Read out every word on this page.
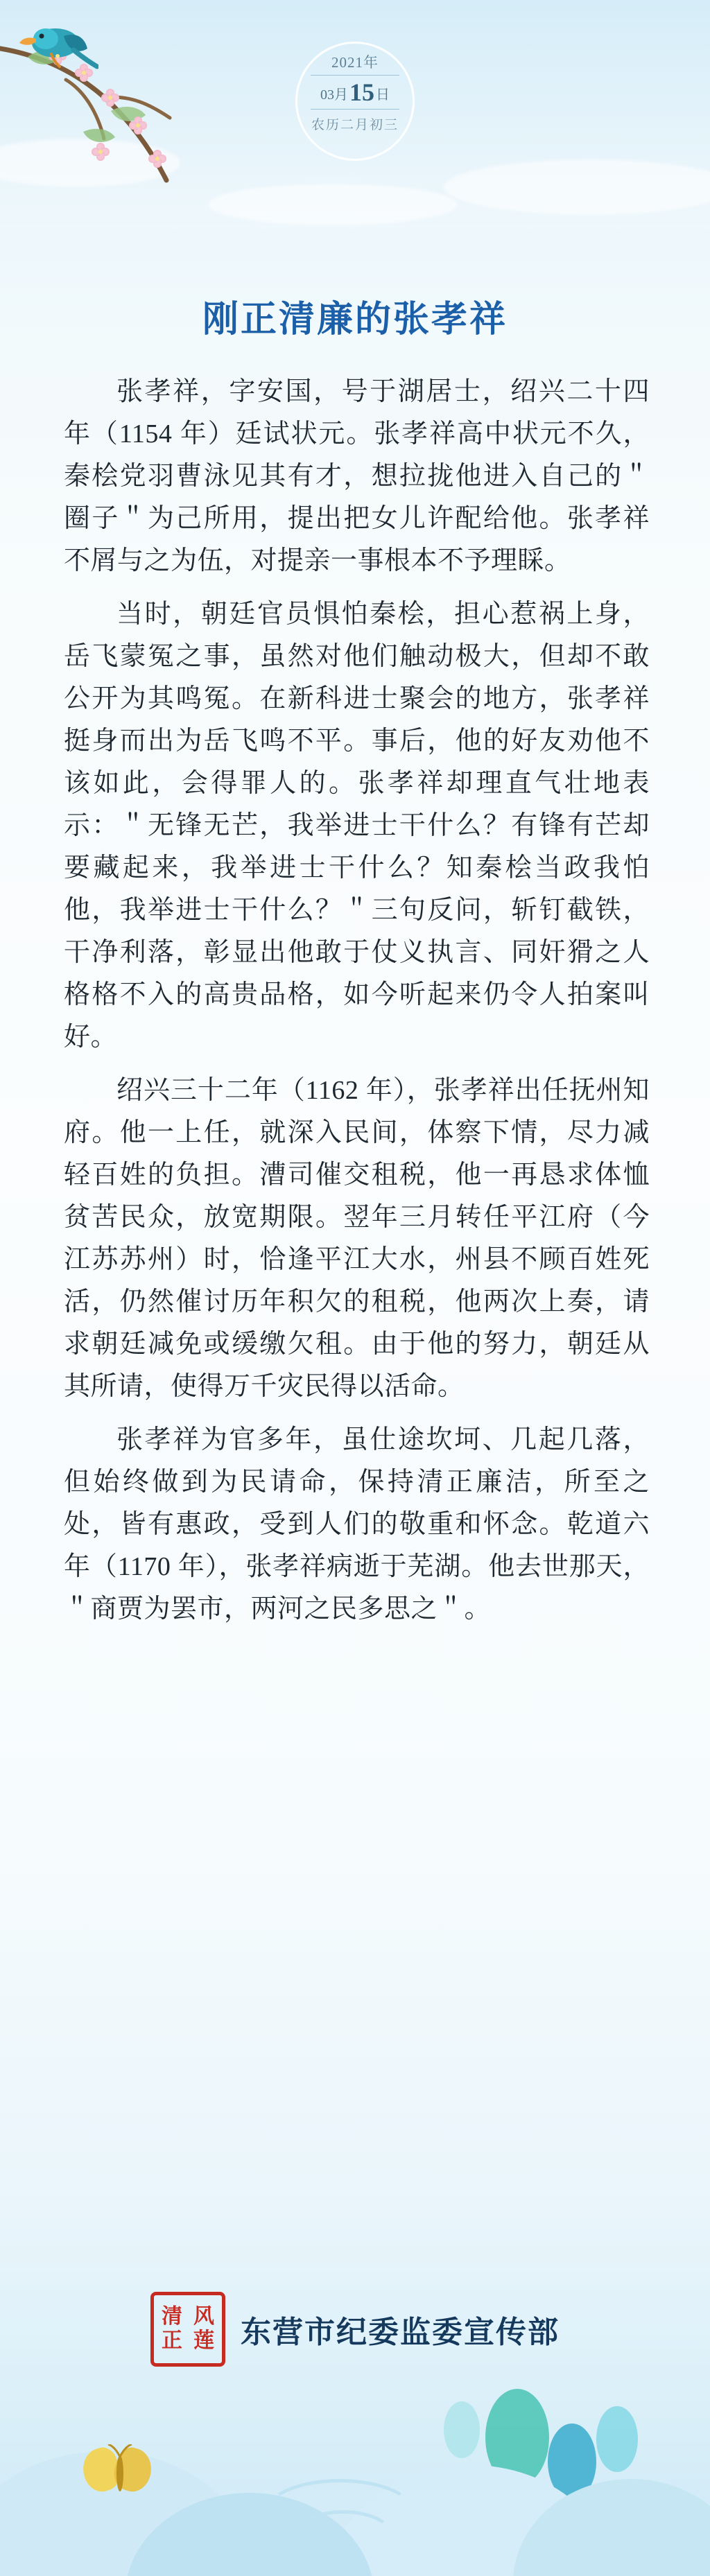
2021年
03月15 日
农历二月初三
刚正清廉的张孝祥

张孝祥，字安国，号于湖居士，绍兴二十四年（1154 年）廷试状元。张孝祥高中状元不久，秦桧党羽曹泳见其有才，想拉拢他进入自己的＂圈子＂为己所用，提出把女儿许配给他。张孝祥不屑与之为伍，对提亲一事根本不予理睬。

当时，朝廷官员惧怕秦桧，担心惹祸上身，岳飞蒙冤之事，虽然对他们触动极大，但却不敢公开为其鸣冤。在新科进士聚会的地方，张孝祥挺身而出为岳飞鸣不平。事后，他的好友劝他不该如此，会得罪人的。张孝祥却理直气壮地表示：＂无锋无芒，我举进士干什么？有锋有芒却要藏起来，我举进士干什么？知秦桧当政我怕他，我举进士干什么？＂三句反问，斩钉截铁，干净利落，彰显出他敢于仗义执言、同奸猾之人格格不入的高贵品格，如今听起来仍令人拍案叫好。

绍兴三十二年（1162 年），张孝祥出任抚州知府。他一上任，就深入民间，体察下情，尽力减轻百姓的负担。漕司催交租税，他一再恳求体恤贫苦民众，放宽期限。翌年三月转任平江府（今江苏苏州）时，恰逢平江大水，州县不顾百姓死活，仍然催讨历年积欠的租税，他两次上奏，请求朝廷减免或缓缴欠租。由于他的努力，朝廷从其所请，使得万千灾民得以活命。

张孝祥为官多年，虽仕途坎坷、几起几落，但始终做到为民请命，保持清正廉洁，所至之处，皆有惠政，受到人们的敬重和怀念。乾道六年（1170 年），张孝祥病逝于芜湖。他去世那天，＂商贾为罢市，两河之民多思之＂。

清 风
正 莲 东营市纪委监委宣传部
